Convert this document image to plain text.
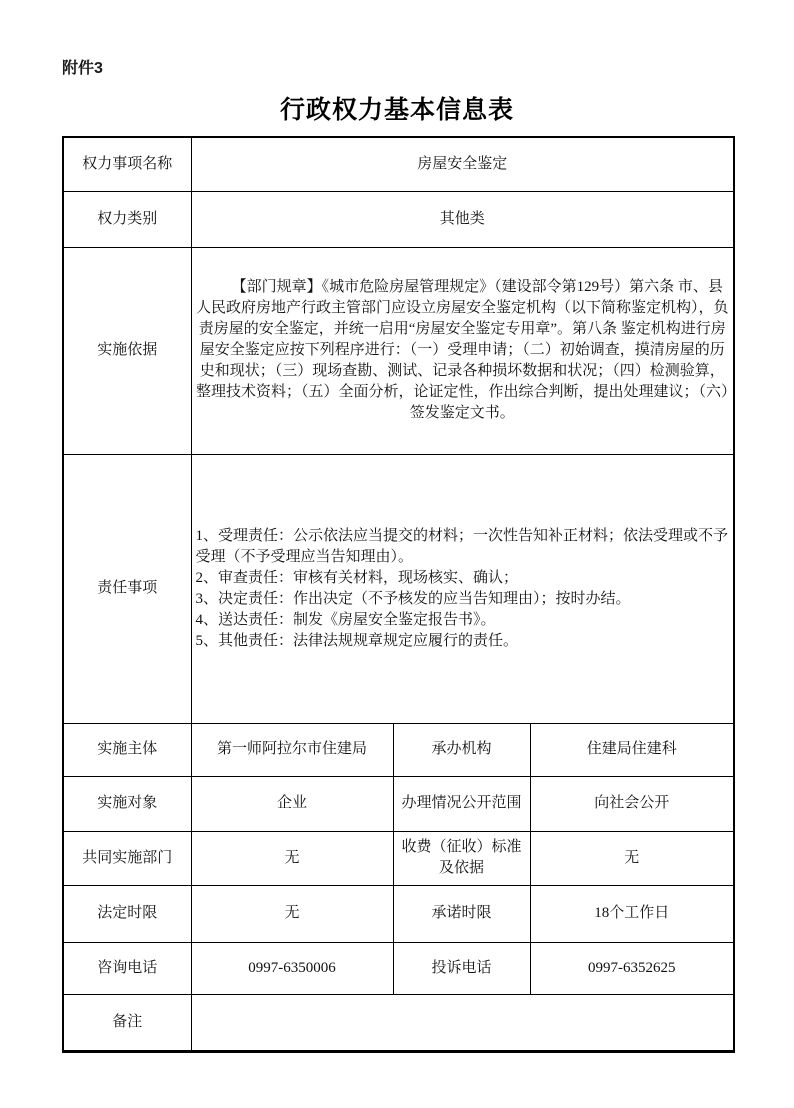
附件3
行政权力基本信息表
权力事项名称	房屋安全鉴定		
权力类别	其他类		
实施依据	【部门规章】《城市危险房屋管理规定》（建设部令第129号）第六条 市、县人民政府房地产行政主管部门应设立房屋安全鉴定机构（以下简称鉴定机构），负责房屋的安全鉴定，并统一启用“房屋安全鉴定专用章”。第八条 鉴定机构进行房屋安全鉴定应按下列程序进行：（一）受理申请；（二）初始调查，摸清房屋的历史和现状；（三）现场查勘、测试、记录各种损坏数据和状况；（四）检测验算，整理技术资料；（五）全面分析，论证定性，作出综合判断，提出处理建议；（六）签发鉴定文书。		

责任事项	1、受理责任：公示依法应当提交的材料；一次性告知补正材料；依法受理或不予受理（不予受理应当告知理由）。
2、审查责任：审核有关材料，现场核实、确认；
3、决定责任：作出决定（不予核发的应当告知理由）；按时办结。
4、送达责任：制发《房屋安全鉴定报告书》。
5、其他责任：法律法规规章规定应履行的责任。		

实施主体	第一师阿拉尔市住建局	承办机构	住建局住建科
实施对象	企业	办理情况公开范围	向社会公开
共同实施部门	无	收费（征收）标准及依据	无
法定时限	无	承诺时限	18个工作日
咨询电话	0997-6350006	投诉电话	0997-6352625
备注			
